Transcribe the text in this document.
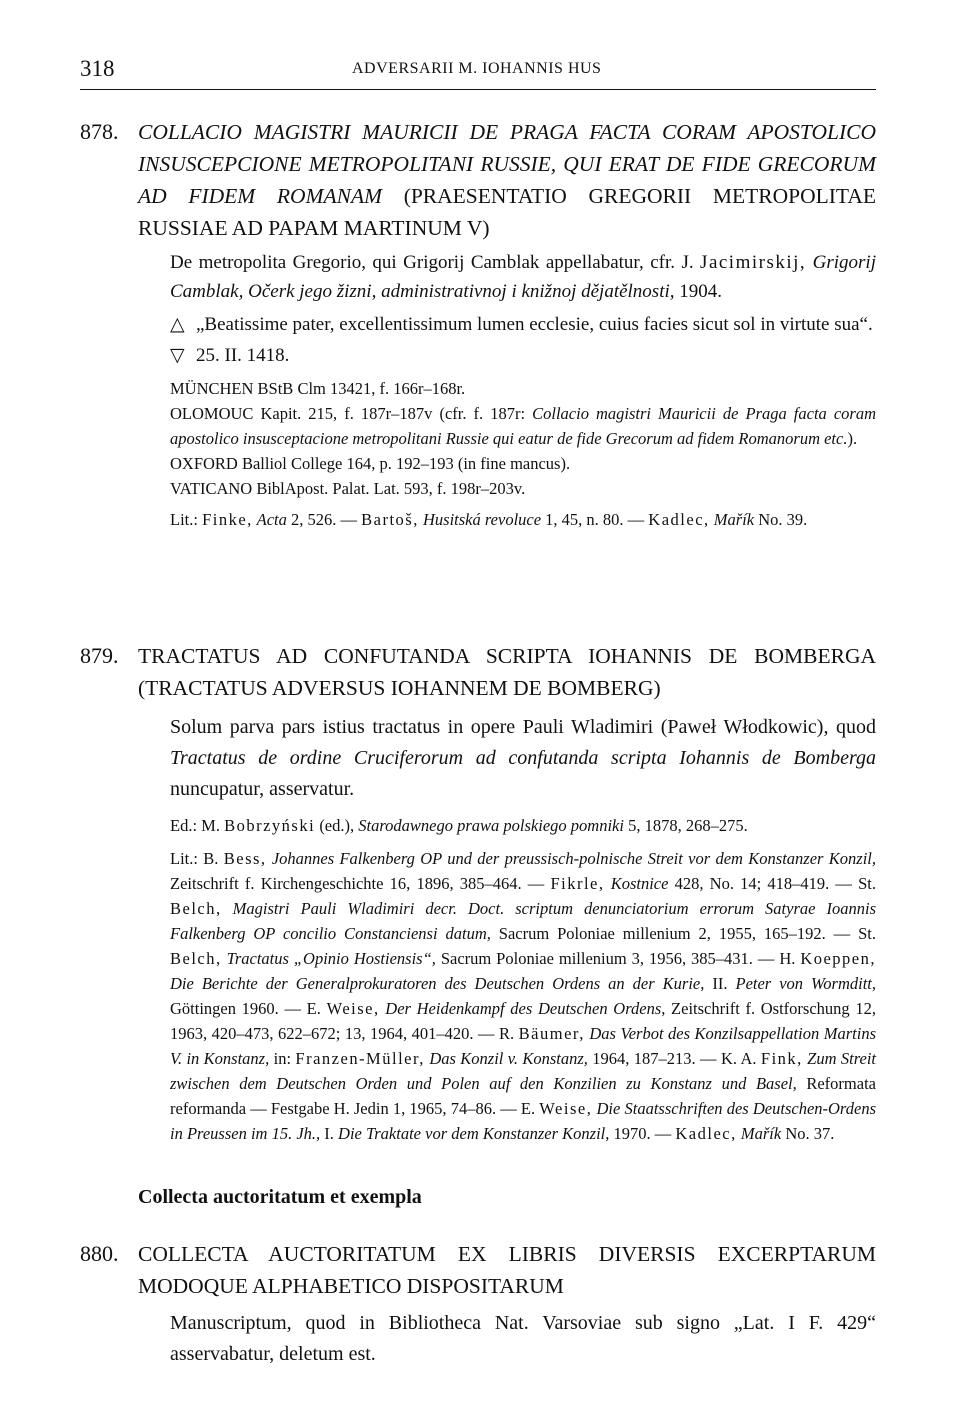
318	ADVERSARII M. IOHANNIS HUS
878. COLLACIO MAGISTRI MAURICII DE PRAGA FACTA CORAM APOSTOLICO INSUSCEPCIONE METROPOLITANI RUSSIE, QUI ERAT DE FIDE GRECORUM AD FIDEM ROMANAM (PRAESENTATIO GREGORII METROPOLITAE RUSSIAE AD PAPAM MARTINUM V)

De metropolita Gregorio, qui Grigorij Camblak appellabatur, cfr. J. Jacimirskij, Grigorij Camblak, Očerk jego žizni, administrativnoj i knižnoj dějatělnosti, 1904.

△ „Beatissime pater, excellentissimum lumen ecclesie, cuius facies sicut sol in virtute sua“.

▽ 25. II. 1418.

MÜNCHEN BStB Clm 13421, f. 166r–168r.

OLOMOUC Kapit. 215, f. 187r–187v (cfr. f. 187r: Collacio magistri Mauricii de Praga facta coram apostolico insusceptacione metropolitani Russie qui eatur de fide Grecorum ad fidem Romanorum etc.).

OXFORD Balliol College 164, p. 192–193 (in fine mancus).
VATICANO BiblApost. Palat. Lat. 593, f. 198r–203v.

Lit.: Finke, Acta 2, 526. — Bartoš, Husitská revoluce 1, 45, n. 80. — Kadlec, Mařík No. 39.

879. TRACTATUS AD CONFUTANDA SCRIPTA IOHANNIS DE BOMBERGA (TRACTATUS ADVERSUS IOHANNEM DE BOMBERG)

Solum parva pars istius tractatus in opere Pauli Wladimiri (Paweł Włodkowic), quod Tractatus de ordine Cruciferorum ad confutanda scripta Iohannis de Bomberga nuncupatur, asservatur.

Ed.: M. Bobrzyński (ed.), Starodawnego prawa polskiego pomniki 5, 1878, 268–275.

Lit.: B. Bess, Johannes Falkenberg OP und der preussisch-polnische Streit vor dem Konstanzer Konzil, Zeitschrift f. Kirchengeschichte 16, 1896, 385–464. — Fikrle, Kostnice 428, No. 14; 418–419. — St. Belch, Magistri Pauli Wladimiri decr. Doct. scriptum denunciatorium errorum Satyrae Ioannis Falkenberg OP concilio Constanciensi datum, Sacrum Poloniae millenium 2, 1955, 165–192. — St. Belch, Tractatus „Opinio Hostiensis“, Sacrum Poloniae millenium 3, 1956, 385–431. — H. Koeppen, Die Berichte der Generalprokuratoren des Deutschen Ordens an der Kurie, II. Peter von Wormditt, Göttingen 1960. — E. Weise, Der Heidenkampf des Deutschen Ordens, Zeitschrift f. Ostforschung 12, 1963, 420–473, 622–672; 13, 1964, 401–420. — R. Bäumer, Das Verbot des Konzilsappellation Martins V. in Konstanz, in: Franzen-Müller, Das Konzil v. Konstanz, 1964, 187–213. — K. A. Fink, Zum Streit zwischen dem Deutschen Orden und Polen auf den Konzilien zu Konstanz und Basel, Reformata reformanda — Festgabe H. Jedin 1, 1965, 74–86. — E. Weise, Die Staatsschriften des Deutschen-Ordens in Preussen im 15. Jh., I. Die Traktate vor dem Konstanzer Konzil, 1970. — Kadlec, Mařík No. 37.

Collecta auctoritatum et exempla
880. COLLECTA AUCTORITATUM EX LIBRIS DIVERSIS EXCERPTARUM MODOQUE ALPHABETICO DISPOSITARUM

Manuscriptum, quod in Bibliotheca Nat. Varsoviae sub signo „Lat. I F. 429“ asservabatur, deletum est.
